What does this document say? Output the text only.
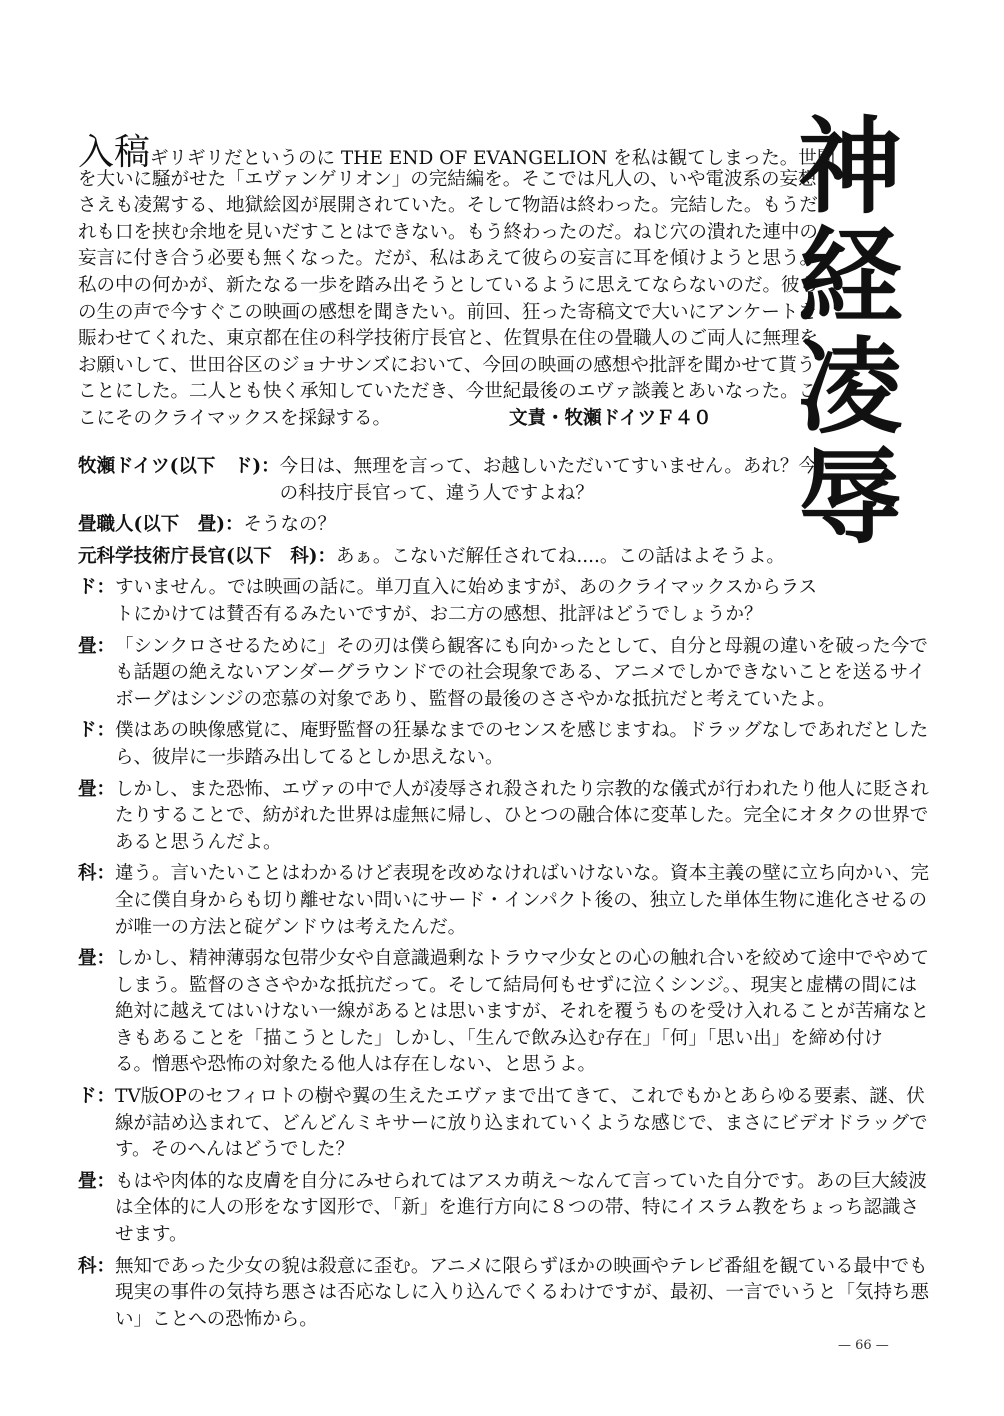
神
経
凌
辱
入稿ギリギリだというのに THE END OF EVANGELION を私は観てしまった。世間
を大いに騒がせた「エヴァンゲリオン」の完結編を。そこでは凡人の、いや電波系の妄想
さえも凌駕する、地獄絵図が展開されていた。そして物語は終わった。完結した。もうだ
れも口を挟む余地を見いだすことはできない。もう終わったのだ。ねじ穴の潰れた連中の
妄言に付き合う必要も無くなった。だが、私はあえて彼らの妄言に耳を傾けようと思う。
私の中の何かが、新たなる一歩を踏み出そうとしているように思えてならないのだ。彼ら
の生の声で今すぐこの映画の感想を聞きたい。前回、狂った寄稿文で大いにアンケートを
賑わせてくれた、東京都在住の科学技術庁長官と、佐賀県在住の畳職人のご両人に無理を
お願いして、世田谷区のジョナサンズにおいて、今回の映画の感想や批評を聞かせて貰う
ことにした。二人とも快く承知していただき、今世紀最後のエヴァ談義とあいなった。こ
こにそのクライマックスを採録する。	文責・牧瀬ドイツＦ４０
牧瀬ドイツ(以下　ド)： 今日は、無理を言って、お越しいただいてすいません。あれ？今
の科技庁長官って、違う人ですよね？
畳職人(以下　畳)： そうなの？
元科学技術庁長官(以下　科)： あぁ。こないだ解任されてね....。この話はよそうよ。
ド： すいません。では映画の話に。単刀直入に始めますが、あのクライマックスからラス
トにかけては賛否有るみたいですが、お二方の感想、批評はどうでしょうか？
畳： 「シンクロさせるために」その刃は僕ら観客にも向かったとして、自分と母親の違いを破った今で
も話題の絶えないアンダーグラウンドでの社会現象である、アニメでしかできないことを送るサイ
ボーグはシンジの恋慕の対象であり、監督の最後のささやかな抵抗だと考えていたよ。
ド： 僕はあの映像感覚に、庵野監督の狂暴なまでのセンスを感じますね。ドラッグなしであれだとした
ら、彼岸に一歩踏み出してるとしか思えない。
畳： しかし、また恐怖、エヴァの中で人が凌辱され殺されたり宗教的な儀式が行われたり他人に貶され
たりすることで、紡がれた世界は虚無に帰し、ひとつの融合体に変革した。完全にオタクの世界で
あると思うんだよ。
科： 違う。言いたいことはわかるけど表現を改めなければいけないな。資本主義の壁に立ち向かい、完
全に僕自身からも切り離せない問いにサード・インパクト後の、独立した単体生物に進化させるの
が唯一の方法と碇ゲンドウは考えたんだ。
畳： しかし、精神薄弱な包帯少女や自意識過剰なトラウマ少女との心の触れ合いを絞めて途中でやめて
しまう。監督のささやかな抵抗だって。そして結局何もせずに泣くシンジ。、現実と虚構の間には
絶対に越えてはいけない一線があるとは思いますが、それを覆うものを受け入れることが苦痛なと
きもあることを「描こうとした」しかし、「生んで飲み込む存在」「何」「思い出」を締め付け
る。憎悪や恐怖の対象たる他人は存在しない、と思うよ。
ド： TV版OPのセフィロトの樹や翼の生えたエヴァまで出てきて、これでもかとあらゆる要素、謎、伏
線が詰め込まれて、どんどんミキサーに放り込まれていくような感じで、まさにビデオドラッグで
す。そのへんはどうでした？
畳： もはや肉体的な皮膚を自分にみせられてはアスカ萌え～なんて言っていた自分です。あの巨大綾波
は全体的に人の形をなす図形で、「新」を進行方向に８つの帯、特にイスラム教をちょっち認識さ
せます。
科： 無知であった少女の貌は殺意に歪む。アニメに限らずほかの映画やテレビ番組を観ている最中でも
現実の事件の気持ち悪さは否応なしに入り込んでくるわけですが、最初、一言でいうと「気持ち悪
い」ことへの恐怖から。
— 66 —
